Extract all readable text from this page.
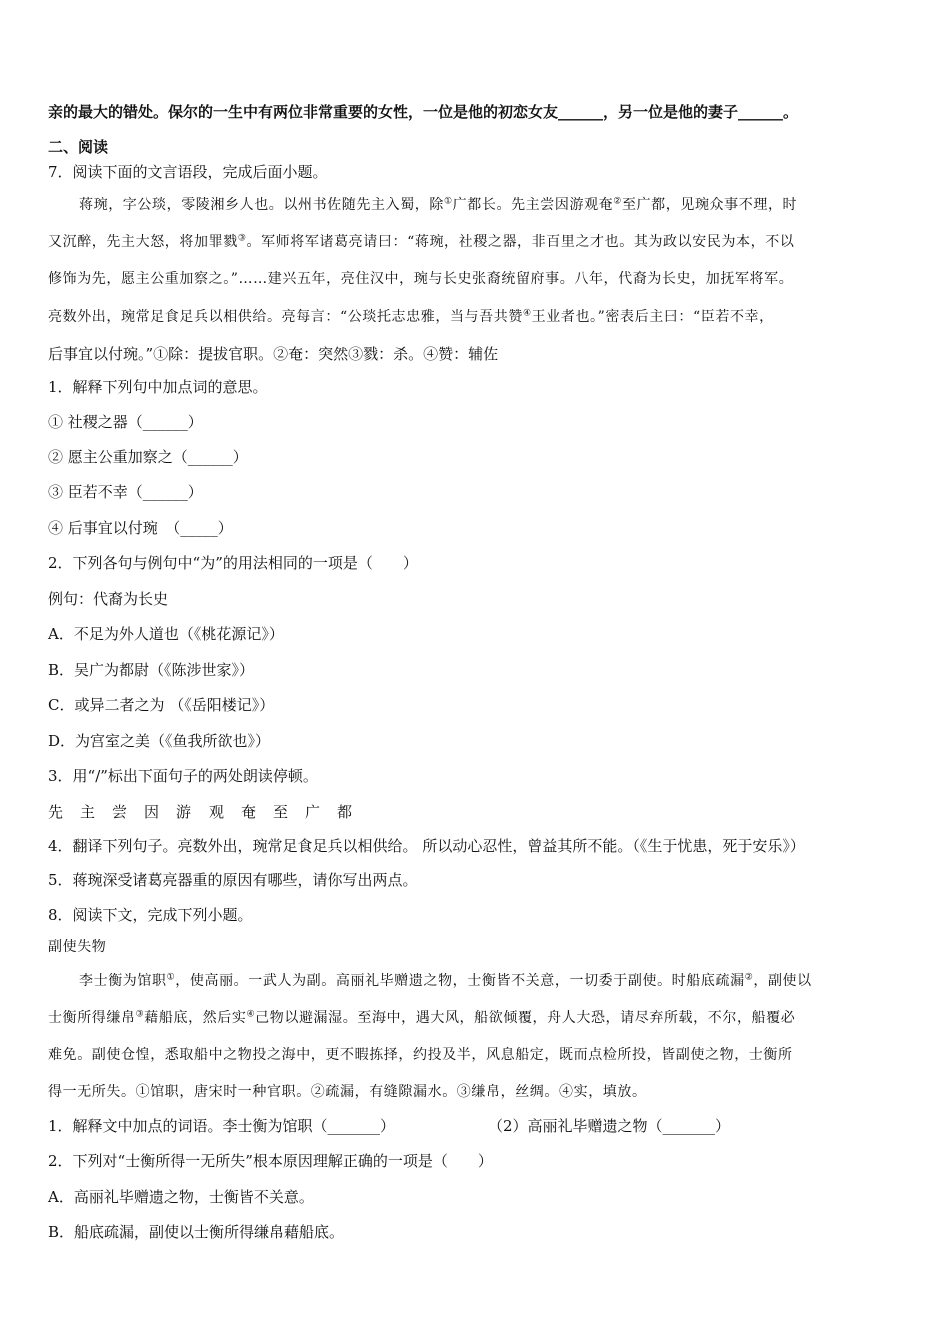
亲的最大的错处。保尔的一生中有两位非常重要的女性，一位是他的初恋女友______，另一位是他的妻子______。
二、阅读
7．阅读下面的文言语段，完成后面小题。
蒋琬，字公琰，零陵湘乡人也。以州书佐随先主入蜀，除①广都长。先主尝因游观奄②至广都，见琬众事不理，时
又沉醉，先主大怒，将加罪戮③。军师将军诸葛亮请曰：“蒋琬，社稷之器，非百里之才也。其为政以安民为本，不以
修饰为先，愿主公重加察之。”……建兴五年，亮住汉中，琬与长史张裔统留府事。八年，代裔为长史，加抚军将军。
亮数外出，琬常足食足兵以相供给。亮每言：“公琰托志忠雅，当与吾共赞④王业者也。”密表后主曰：“臣若不幸，
后事宜以付琬。”①除：提拔官职。②奄：突然③戮：杀。④赞：辅佐
1．解释下列句中加点词的意思。
① 社稷之器（______）
② 愿主公重加察之（______）
③ 臣若不幸（______）
④ 后事宜以付琬　（_____）
2．下列各句与例句中“为”的用法相同的一项是（　　）
例句：代裔为长史
A．不足为外人道也（《桃花源记》）
B．吴广为都尉（《陈涉世家》）
C．或异二者之为 （《岳阳楼记》）
D．为宫室之美（《鱼我所欲也》）
3．用“/”标出下面句子的两处朗读停顿。
先 主 尝 因 游 观 奄 至 广 都
4．翻译下列句子。亮数外出，琬常足食足兵以相供给。 所以动心忍性，曾益其所不能。（《生于忧患，死于安乐》）
5．蒋琬深受诸葛亮器重的原因有哪些，请你写出两点。
8．阅读下文，完成下列小题。
副使失物
李士衡为馆职①，使高丽。一武人为副。高丽礼毕赠遗之物，士衡皆不关意，一切委于副使。时船底疏漏②，副使以
士衡所得缣帛③藉船底，然后实④己物以避漏湿。至海中，遇大风，船欲倾覆，舟人大恐，请尽弃所载，不尔，船覆必
难免。副使仓惶，悉取船中之物投之海中，更不暇拣择，约投及半，风息船定，既而点检所投，皆副使之物，士衡所
得一无所失。①馆职，唐宋时一种官职。②疏漏，有缝隙漏水。③缣帛，丝绸。④实，填放。
1．解释文中加点的词语。李士衡为馆职（_______）	（2）高丽礼毕赠遗之物（_______）
2．下列对“士衡所得一无所失”根本原因理解正确的一项是（　　）
A．高丽礼毕赠遗之物，士衡皆不关意。
B．船底疏漏，副使以士衡所得缣帛藉船底。
